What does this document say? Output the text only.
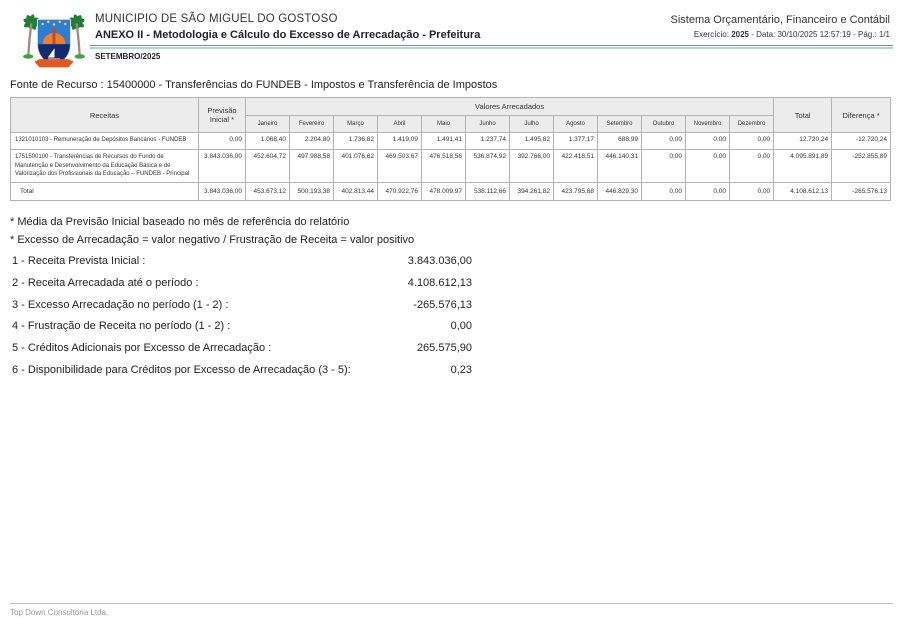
MUNICIPIO DE SÃO MIGUEL DO GOSTOSO
ANEXO II - Metodologia e Cálculo do Excesso de Arrecadação - Prefeitura
SETEMBRO/2025
Sistema Orçamentário, Financeiro e Contábil
Exercício: 2025 - Data: 30/10/2025 12:57:19 - Pág.: 1/1
Fonte de Recurso : 15400000 - Transferências do FUNDEB - Impostos e Transferência de Impostos
Receitas	Previsão Inicial *	Valores Arrecadados												Total	Diferença *
		Janeiro	Fevereiro	Março	Abril	Maio	Junho	Julho	Agosto	Setembro	Outubro	Novembro	Dezembro		
1321010103 - Remuneração de Depósitos Bancários - FUNDEB	0,00	1.068,40	2.204,80	1.736,82	1.419,09	1.491,41	1.237,74	1.495,82	1.377,17	688,99	0,00	0,00	0,00	12.720,24	-12.720,24
1751500100 - Transferências de Recursos do Fundo de Manutenção e Desenvolvimento da Educação Básica e de Valorização dos Profissionais da Educação – FUNDEB - Principal	3.843.036,00	452.604,72	497.988,58	401.076,62	469.503,67	476.518,56	536.874,92	392.766,00	422.418,51	446.140,31	0,00	0,00	0,00	4.095.891,89	-252.855,89
Total	3.843.036,00	453.673,12	500.193,38	402.813,44	470.922,76	478.009,97	538.112,66	394.261,82	423.795,68	446.829,30	0,00	0,00	0,00	4.108.612,13	-265.576,13
* Média da Previsão Inicial baseado no mês de referência do relatório
* Excesso de Arrecadação = valor negativo / Frustração de Receita = valor positivo
1 - Receita Prevista Inicial :	3.843.036,00
2 - Receita Arrecadada até o período :	4.108.612,13
3 - Excesso Arrecadação no período (1 - 2) :	-265.576,13
4 - Frustração de Receita no período (1 - 2) :	0,00
5 - Créditos Adicionais por Excesso de Arrecadação :	265.575,90
6 - Disponibilidade para Créditos por Excesso de Arrecadação (3 - 5):	0,23
Top Down Consultoria Ltda.
